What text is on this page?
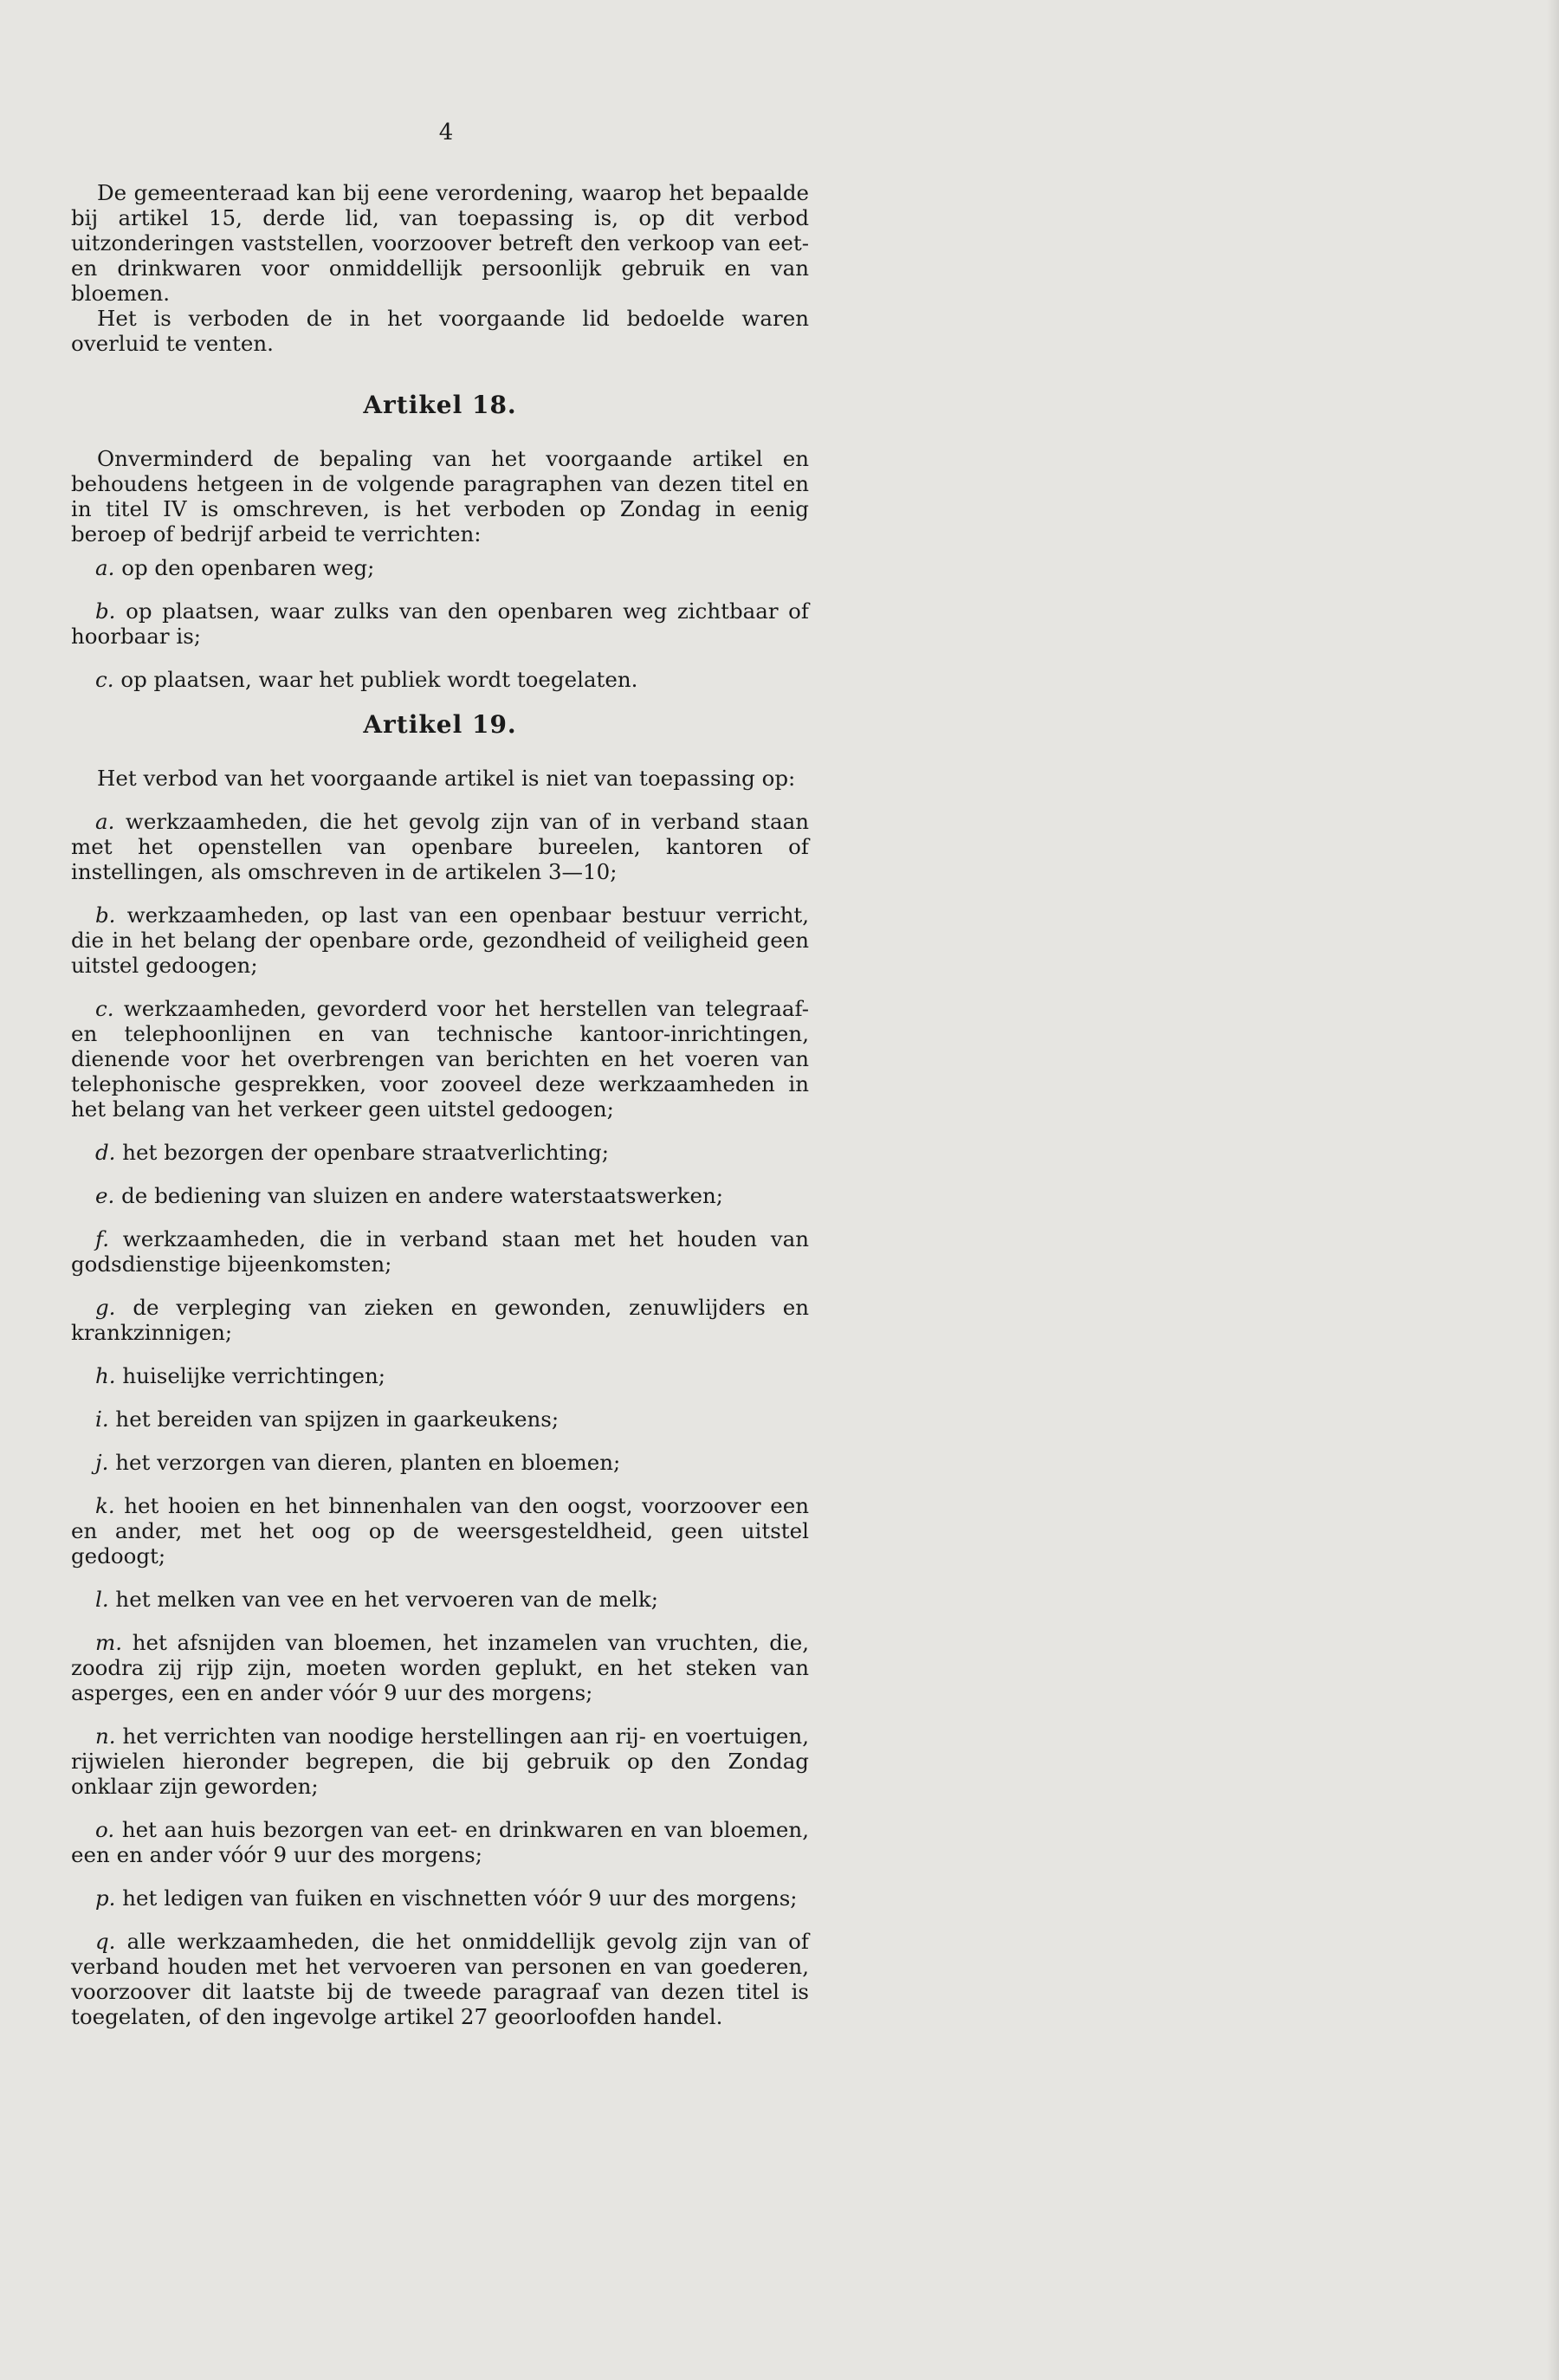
4

De gemeenteraad kan bij eene verordening, waarop het bepaalde bij artikel 15, derde lid, van toepassing is, op dit verbod uitzonderingen vaststellen, voorzoover betreft den verkoop van eet- en drinkwaren voor onmiddellijk persoonlijk gebruik en van bloemen.

Het is verboden de in het voorgaande lid bedoelde waren overluid te venten.

Artikel 18.

Onverminderd de bepaling van het voorgaande artikel en behoudens hetgeen in de volgende paragraphen van dezen titel en in titel IV is omschreven, is het verboden op Zondag in eenig beroep of bedrijf arbeid te verrichten:

a. op den openbaren weg;

b. op plaatsen, waar zulks van den openbaren weg zichtbaar of hoorbaar is;

c. op plaatsen, waar het publiek wordt toegelaten.

Artikel 19.

Het verbod van het voorgaande artikel is niet van toepassing op:

a. werkzaamheden, die het gevolg zijn van of in verband staan met het openstellen van openbare bureelen, kantoren of instellingen, als omschreven in de artikelen 3—10;

b. werkzaamheden, op last van een openbaar bestuur verricht, die in het belang der openbare orde, gezondheid of veiligheid geen uitstel gedoogen;

c. werkzaamheden, gevorderd voor het herstellen van telegraaf- en telephoonlijnen en van technische kantoor-inrichtingen, dienende voor het overbrengen van berichten en het voeren van telephonische gesprekken, voor zooveel deze werkzaamheden in het belang van het verkeer geen uitstel gedoogen;

d. het bezorgen der openbare straatverlichting;

e. de bediening van sluizen en andere waterstaatswerken;

f. werkzaamheden, die in verband staan met het houden van godsdienstige bijeenkomsten;

g. de verpleging van zieken en gewonden, zenuwlijders en krankzinnigen;

h. huiselijke verrichtingen;

i. het bereiden van spijzen in gaarkeukens;

j. het verzorgen van dieren, planten en bloemen;

k. het hooien en het binnenhalen van den oogst, voorzoover een en ander, met het oog op de weersgesteldheid, geen uitstel gedoogt;

l. het melken van vee en het vervoeren van de melk;

m. het afsnijden van bloemen, het inzamelen van vruchten, die, zoodra zij rijp zijn, moeten worden geplukt, en het steken van asperges, een en ander vóór 9 uur des morgens;

n. het verrichten van noodige herstellingen aan rij- en voertuigen, rijwielen hieronder begrepen, die bij gebruik op den Zondag onklaar zijn geworden;

o. het aan huis bezorgen van eet- en drinkwaren en van bloemen, een en ander vóór 9 uur des morgens;

p. het ledigen van fuiken en vischnetten vóór 9 uur des morgens;

q. alle werkzaamheden, die het onmiddellijk gevolg zijn van of verband houden met het vervoeren van personen en van goederen, voorzoover dit laatste bij de tweede paragraaf van dezen titel is toegelaten, of den ingevolge artikel 27 geoorloofden handel.
